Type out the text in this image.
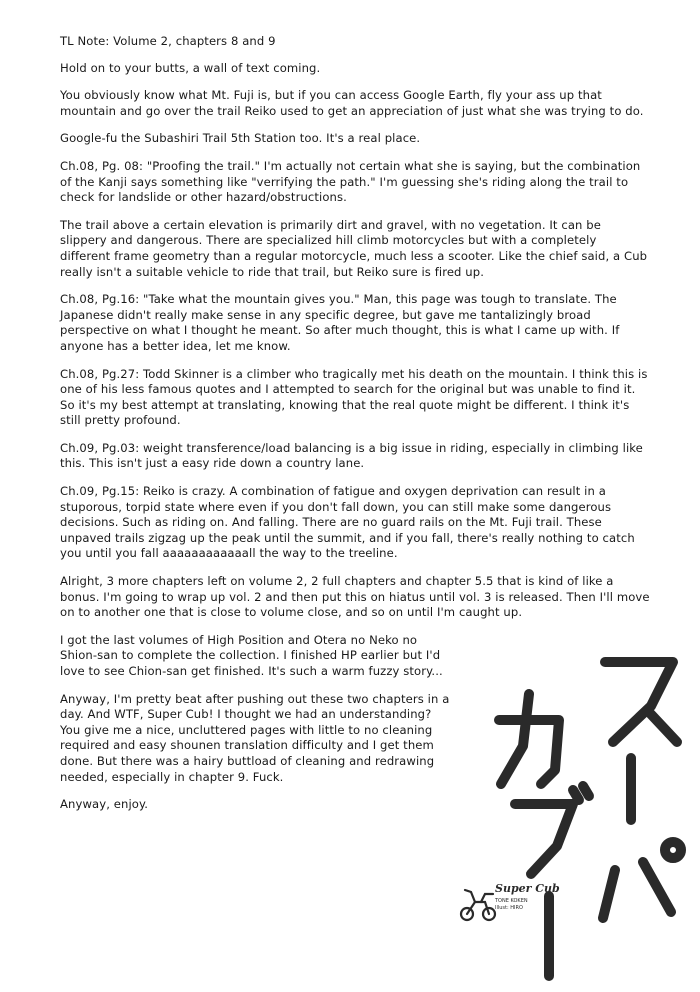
TL Note: Volume 2, chapters 8 and 9

Hold on to your butts, a wall of text coming.

You obviously know what Mt. Fuji is, but if you can access Google Earth, fly your ass up that mountain and go over the trail Reiko used to get an appreciation of just what she was trying to do.

Google-fu the Subashiri Trail 5th Station too. It's a real place.

Ch.08, Pg. 08: "Proofing the trail." I'm actually not certain what she is saying, but the combination of the Kanji says something like "verrifying the path." I'm guessing she's riding along the trail to check for landslide or other hazard/obstructions.

The trail above a certain elevation is primarily dirt and gravel, with no vegetation. It can be slippery and dangerous. There are specialized hill climb motorcycles but with a completely different frame geometry than a regular motorcycle, much less a scooter. Like the chief said, a Cub really isn't a suitable vehicle to ride that trail, but Reiko sure is fired up.

Ch.08, Pg.16: "Take what the mountain gives you." Man, this page was tough to translate. The Japanese didn't really make sense in any specific degree, but gave me tantalizingly broad perspective on what I thought he meant. So after much thought, this is what I came up with. If anyone has a better idea, let me know.

Ch.08, Pg.27: Todd Skinner is a climber who tragically met his death on the mountain. I think this is one of his less famous quotes and I attempted to search for the original but was unable to find it. So it's my best attempt at translating, knowing that the real quote might be different. I think it's still pretty profound.

Ch.09, Pg.03: weight transference/load balancing is a big issue in riding, especially in climbing like this. This isn't just a easy ride down a country lane.

Ch.09, Pg.15: Reiko is crazy. A combination of fatigue and oxygen deprivation can result in a stuporous, torpid state where even if you don't fall down, you can still make some dangerous decisions. Such as riding on. And falling. There are no guard rails on the Mt. Fuji trail. These unpaved trails zigzag up the peak until the summit, and if you fall, there's really nothing to catch you until you fall aaaaaaaaaaaall the way to the treeline.

Alright, 3 more chapters left on volume 2, 2 full chapters and chapter 5.5 that is kind of like a bonus. I'm going to wrap up vol. 2 and then put this on hiatus until vol. 3 is released. Then I'll move on to another one that is close to volume close, and so on until I'm caught up.

I got the last volumes of High Position and Otera no Neko no Shion-san to complete the collection. I finished HP earlier but I'd love to see Chion-san get finished. It's such a warm fuzzy story...

Anyway, I'm pretty beat after pushing out these two chapters in a day. And WTF, Super Cub! I thought we had an understanding? You give me a nice, uncluttered pages with little to no cleaning required and easy shounen translation difficulty and I get them done. But there was a hairy buttload of cleaning and redrawing needed, especially in chapter 9. Fuck.

Anyway, enjoy.

Super Cub
TONE KOKEN
Illust: HIRO
